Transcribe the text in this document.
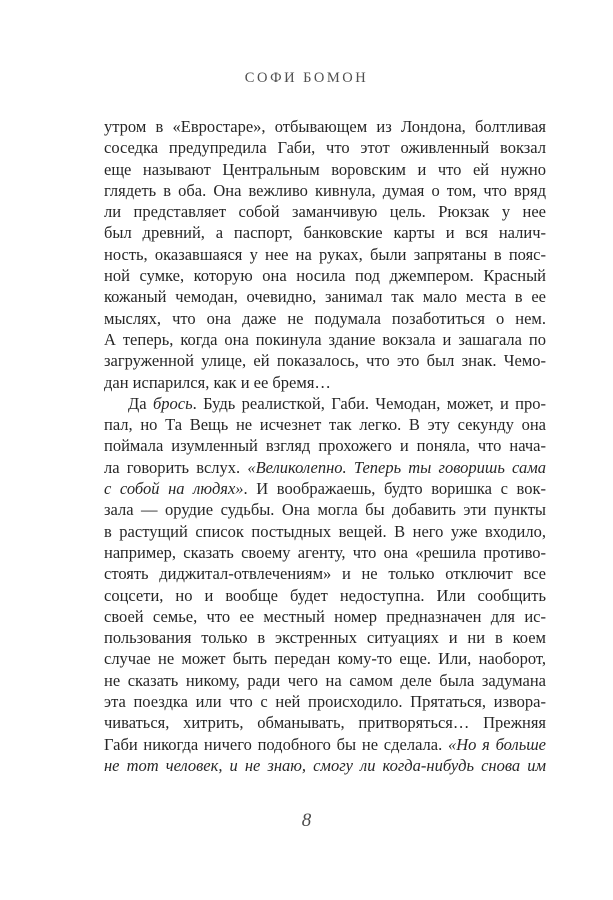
СОФИ БОМОН
утром в «Евростаре», отбывающем из Лондона, болтливая
соседка предупредила Габи, что этот оживленный вокзал
еще называют Центральным воровским и что ей нужно
глядеть в оба. Она вежливо кивнула, думая о том, что вряд
ли представляет собой заманчивую цель. Рюкзак у нее
был древний, а паспорт, банковские карты и вся налич-
ность, оказавшаяся у нее на руках, были запрятаны в пояс-
ной сумке, которую она носила под джемпером. Красный
кожаный чемодан, очевидно, занимал так мало места в ее
мыслях, что она даже не подумала позаботиться о нем.
А теперь, когда она покинула здание вокзала и зашагала по
загруженной улице, ей показалось, что это был знак. Чемо-
дан испарился, как и ее бремя…
Да брось. Будь реалисткой, Габи. Чемодан, может, и про-
пал, но Та Вещь не исчезнет так легко. В эту секунду она
поймала изумленный взгляд прохожего и поняла, что нача-
ла говорить вслух. «Великолепно. Теперь ты говоришь сама
с собой на людях». И воображаешь, будто воришка с вок-
зала — орудие судьбы. Она могла бы добавить эти пункты
в растущий список постыдных вещей. В него уже входило,
например, сказать своему агенту, что она «решила противо-
стоять диджитал-отвлечениям» и не только отключит все
соцсети, но и вообще будет недоступна. Или сообщить
своей семье, что ее местный номер предназначен для ис-
пользования только в экстренных ситуациях и ни в коем
случае не может быть передан кому-то еще. Или, наоборот,
не сказать никому, ради чего на самом деле была задумана
эта поездка или что с ней происходило. Прятаться, извора-
чиваться, хитрить, обманывать, притворяться… Прежняя
Габи никогда ничего подобного бы не сделала. «Но я больше
не тот человек, и не знаю, смогу ли когда-нибудь снова им
8
